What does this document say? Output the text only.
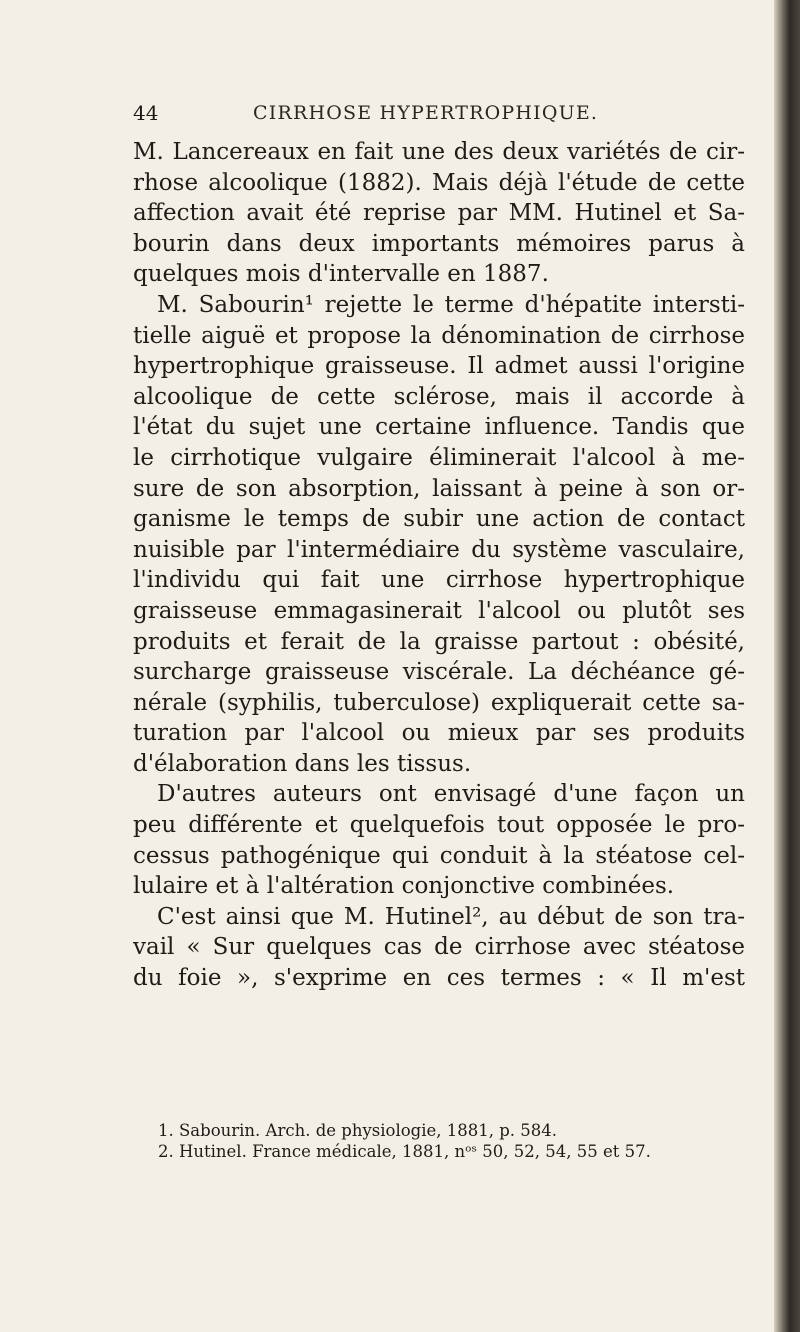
44	CIRRHOSE HYPERTROPHIQUE.
M. Lancereaux en fait une des deux variétés de cir-
rhose alcoolique (1882). Mais déjà l'étude de cette
affection avait été reprise par MM. Hutinel et Sa-
bourin dans deux importants mémoires parus à
quelques mois d'intervalle en 1887.
M. Sabourin¹ rejette le terme d'hépatite intersti-
tielle aiguë et propose la dénomination de cirrhose
hypertrophique graisseuse. Il admet aussi l'origine
alcoolique de cette sclérose, mais il accorde à
l'état du sujet une certaine influence. Tandis que
le cirrhotique vulgaire éliminerait l'alcool à me-
sure de son absorption, laissant à peine à son or-
ganisme le temps de subir une action de contact
nuisible par l'intermédiaire du système vasculaire,
l'individu qui fait une cirrhose hypertrophique
graisseuse emmagasinerait l'alcool ou plutôt ses
produits et ferait de la graisse partout : obésité,
surcharge graisseuse viscérale. La déchéance gé-
nérale (syphilis, tuberculose) expliquerait cette sa-
turation par l'alcool ou mieux par ses produits
d'élaboration dans les tissus.
D'autres auteurs ont envisagé d'une façon un
peu différente et quelquefois tout opposée le pro-
cessus pathogénique qui conduit à la stéatose cel-
lulaire et à l'altération conjonctive combinées.
C'est ainsi que M. Hutinel², au début de son tra-
vail « Sur quelques cas de cirrhose avec stéatose
du foie », s'exprime en ces termes : « Il m'est
1. Sabourin. Arch. de physiologie, 1881, p. 584.
2. Hutinel. France médicale, 1881, nᵒˢ 50, 52, 54, 55 et 57.
